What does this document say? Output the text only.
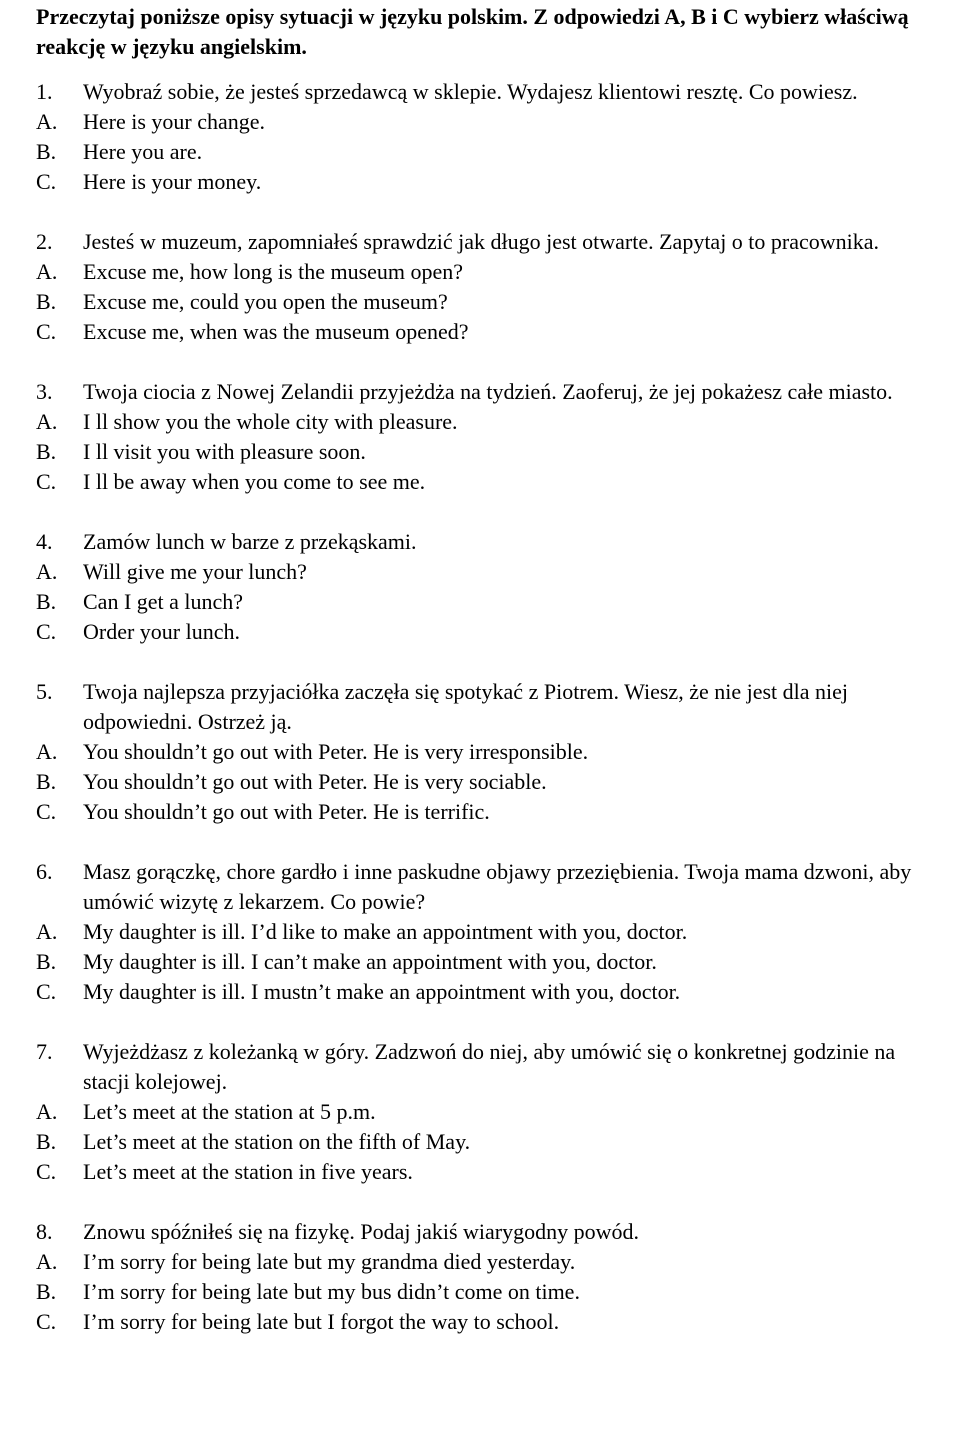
Przeczytaj poniższe opisy sytuacji w języku polskim. Z odpowiedzi A, B i C wybierz właściwą reakcję w języku angielskim.
1.	Wyobraź sobie, że jesteś sprzedawcą w sklepie. Wydajesz klientowi resztę. Co powiesz.
A.	Here is your change.
B.	Here you are.
C.	Here is your money.
2.	Jesteś w muzeum, zapomniałeś sprawdzić jak długo jest otwarte. Zapytaj o to pracownika.
A.	Excuse me, how long is the museum open?
B.	Excuse me, could you open the museum?
C.	Excuse me, when was the museum opened?
3.	Twoja ciocia z Nowej Zelandii przyjeżdża na tydzień. Zaoferuj, że jej pokażesz całe miasto.
A.	I ll show you the whole city with pleasure.
B.	I ll visit you with pleasure soon.
C.	I ll be away when you come to see me.
4.	Zamów lunch w barze z przekąskami.
A.	Will give me your lunch?
B.	Can I get a lunch?
C.	Order your lunch.
5.	Twoja najlepsza przyjaciółka zaczęła się spotykać z Piotrem. Wiesz, że nie jest dla niej odpowiedni. Ostrzeż ją.
A.	You shouldn’t go out with Peter. He is very irresponsible.
B.	You shouldn’t go out with Peter. He is very sociable.
C.	You shouldn’t go out with Peter. He is terrific.
6.	Masz gorączkę, chore gardło i inne paskudne objawy przeziębienia. Twoja mama dzwoni, aby umówić wizytę z lekarzem. Co powie?
A.	My daughter is ill. I’d like to make an appointment with you, doctor.
B.	My daughter is ill. I can’t make an appointment with you, doctor.
C.	My daughter is ill. I mustn’t make an appointment with you, doctor.
7.	Wyjeżdżasz z koleżanką w góry. Zadzwoń do niej, aby umówić się o konkretnej godzinie na stacji kolejowej.
A.	Let’s meet at the station at 5 p.m.
B.	Let’s meet at the station on the fifth of May.
C.	Let’s meet at the station in five years.
8.	Znowu spóźniłeś się na fizykę. Podaj jakiś wiarygodny powód.
A.	I’m sorry for being late but my grandma died yesterday.
B.	I’m sorry for being late but my bus didn’t come on time.
C.	I’m sorry for being late but I forgot the way to school.
